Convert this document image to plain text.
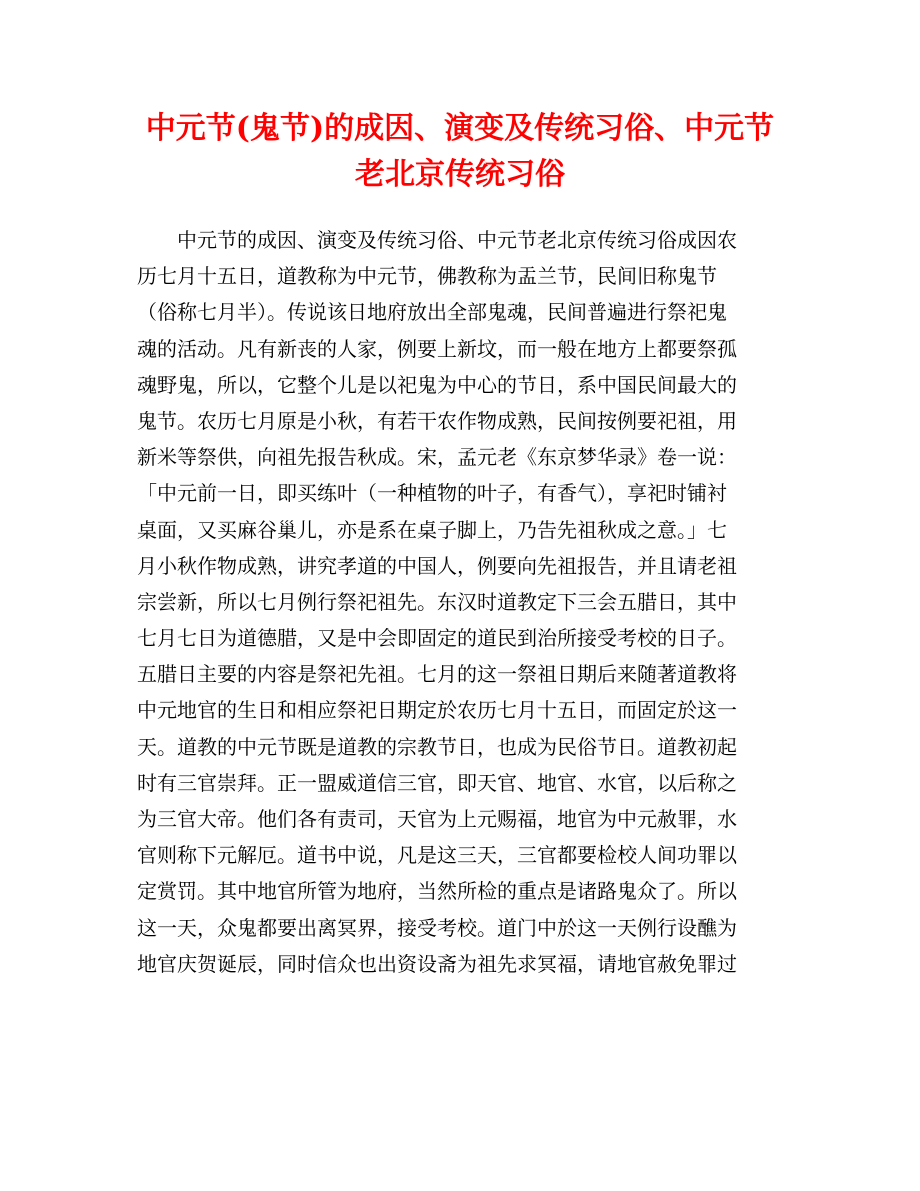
中元节(鬼节)的成因、演变及传统习俗、中元节
老北京传统习俗
中元节的成因、演变及传统习俗、中元节老北京传统习俗成因农
历七月十五日，道教称为中元节，佛教称为盂兰节，民间旧称鬼节
（俗称七月半）。传说该日地府放出全部鬼魂，民间普遍进行祭祀鬼
魂的活动。凡有新丧的人家，例要上新坟，而一般在地方上都要祭孤
魂野鬼，所以，它整个儿是以祀鬼为中心的节日，系中国民间最大的
鬼节。农历七月原是小秋，有若干农作物成熟，民间按例要祀祖，用
新米等祭供，向祖先报告秋成。宋，孟元老《东京梦华录》卷一说：
「中元前一日，即买练叶（一种植物的叶子，有香气），享祀时铺衬
桌面，又买麻谷巢儿，亦是系在桌子脚上，乃告先祖秋成之意。」七
月小秋作物成熟，讲究孝道的中国人，例要向先祖报告，并且请老祖
宗尝新，所以七月例行祭祀祖先。东汉时道教定下三会五腊日，其中
七月七日为道德腊，又是中会即固定的道民到治所接受考校的日子。
五腊日主要的内容是祭祀先祖。七月的这一祭祖日期后来随著道教将
中元地官的生日和相应祭祀日期定於农历七月十五日，而固定於这一
天。道教的中元节既是道教的宗教节日，也成为民俗节日。道教初起
时有三官崇拜。正一盟威道信三官，即天官、地官、水官，以后称之
为三官大帝。他们各有责司，天官为上元赐福，地官为中元赦罪，水
官则称下元解厄。道书中说，凡是这三天，三官都要检校人间功罪以
定赏罚。其中地官所管为地府，当然所检的重点是诸路鬼众了。所以
这一天，众鬼都要出离冥界，接受考校。道门中於这一天例行设醮为
地官庆贺诞辰，同时信众也出资设斋为祖先求冥福，请地官赦免罪过
